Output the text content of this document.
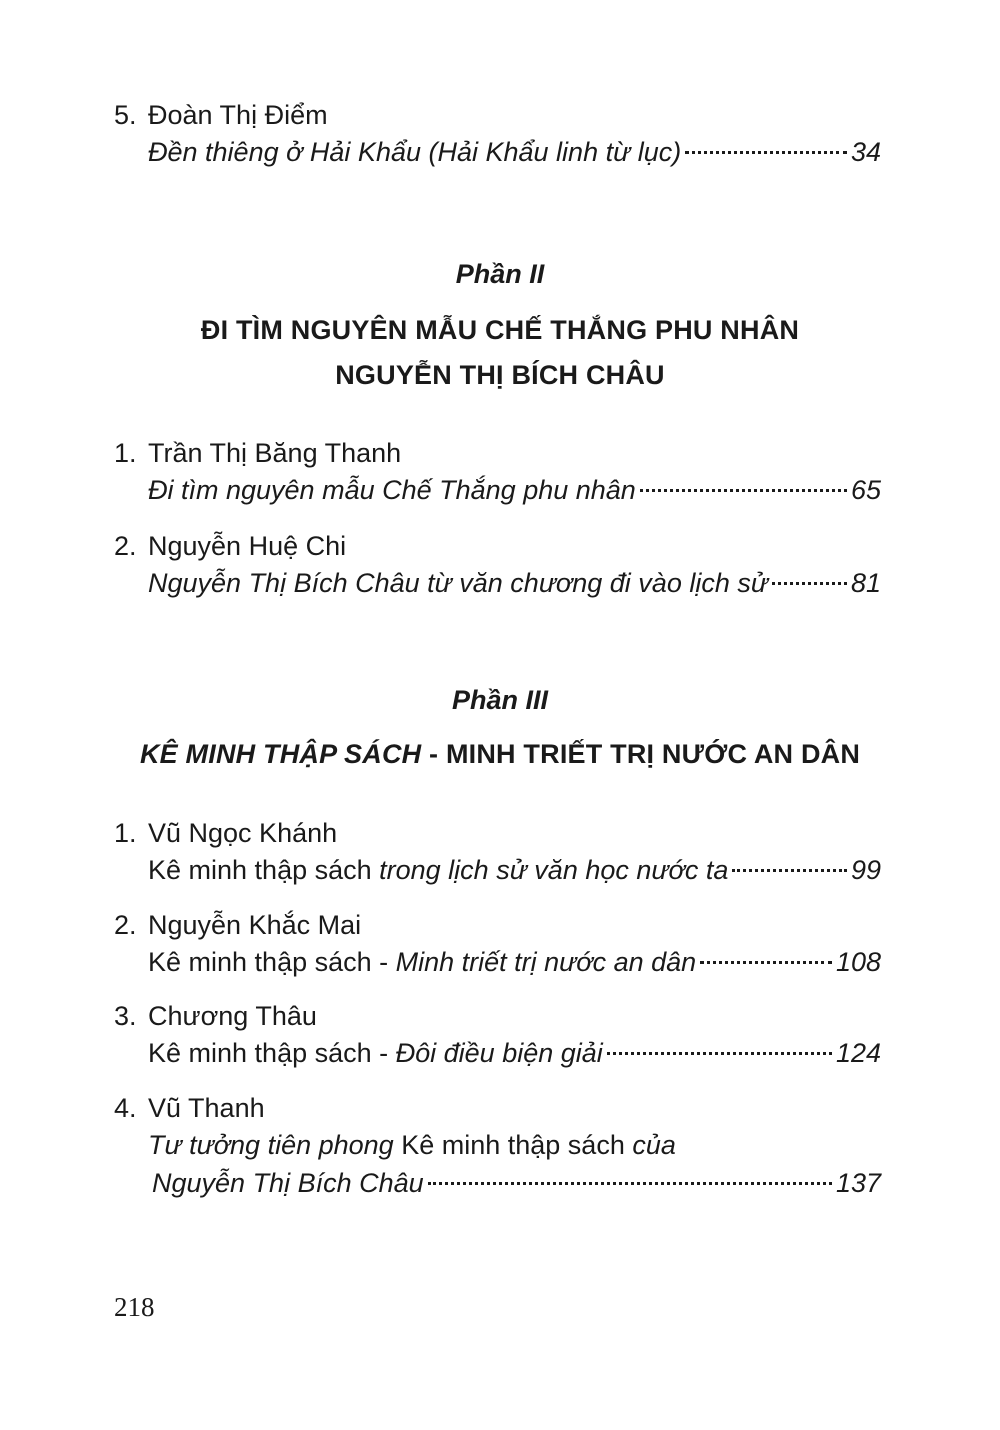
5. Đoàn Thị Điểm
Đền thiêng ở Hải Khẩu (Hải Khẩu linh từ lục)	34
Phần II
ĐI TÌM NGUYÊN MẪU CHẾ THẮNG PHU NHÂN
NGUYỄN THỊ BÍCH CHÂU
1. Trần Thị Băng Thanh
Đi tìm nguyên mẫu Chế Thắng phu nhân	65
2. Nguyễn Huệ Chi
Nguyễn Thị Bích Châu từ văn chương đi vào lịch sử	81
Phần III
KÊ MINH THẬP SÁCH - MINH TRIẾT TRỊ NƯỚC AN DÂN
1. Vũ Ngọc Khánh
Kê minh thập sách trong lịch sử văn học nước ta	99
2. Nguyễn Khắc Mai
Kê minh thập sách - Minh triết trị nước an dân	108
3. Chương Thâu
Kê minh thập sách - Đôi điều biện giải	124
4. Vũ Thanh
Tư tưởng tiên phong Kê minh thập sách của
Nguyễn Thị Bích Châu	137
218
